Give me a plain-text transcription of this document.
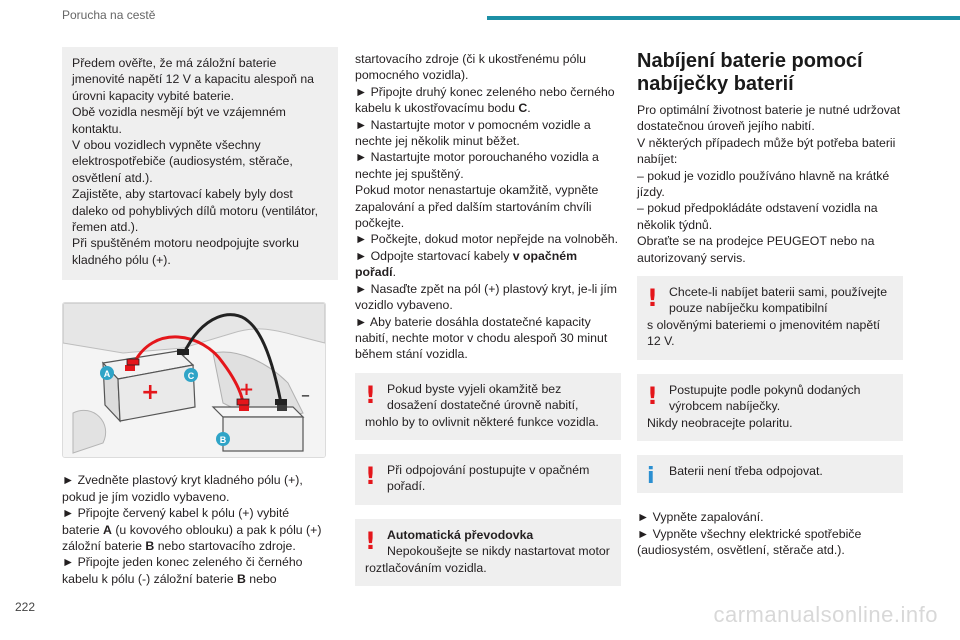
Porucha na cestě

Předem ověřte, že má záložní baterie

jmenovité napětí 12 V a kapacitu alespoň na

úrovni kapacity vybité baterie.

Obě vozidla nesmějí být ve vzájemném

kontaktu.

V obou vozidlech vypněte všechny

elektrospotřebiče (audiosystém, stěrače,

osvětlení atd.).

Zajistěte, aby startovací kabely byly dost

daleko od pohyblivých dílů motoru (ventilátor,

řemen atd.).

Při spuštěném motoru neodpojujte svorku

kladného pólu (+).

+
A
B
C
+	–

► Zvedněte plastový kryt kladného pólu (+),

pokud je jím vozidlo vybaveno.

► Připojte červený kabel k pólu (+) vybité

baterie A (u kovového oblouku) a pak k pólu (+)

záložní baterie B nebo startovacího zdroje.

► Připojte jeden konec zeleného či černého

kabelu k pólu (-) záložní baterie B nebo

startovacího zdroje (či k ukostřenému pólu

pomocného vozidla).

► Připojte druhý konec zeleného nebo černého

kabelu k ukostřovacímu bodu C.

► Nastartujte motor v pomocném vozidle a

nechte jej několik minut běžet.

► Nastartujte motor porouchaného vozidla a

nechte jej spuštěný.

Pokud motor nenastartuje okamžitě, vypněte

zapalování a před dalším startováním chvíli

počkejte.

► Počkejte, dokud motor nepřejde na volnoběh.

► Odpojte startovací kabely v opačném

pořadí.

► Nasaďte zpět na pól (+) plastový kryt, je-li jím

vozidlo vybaveno.

► Aby baterie dosáhla dostatečné kapacity

nabití, nechte motor v chodu alespoň 30 minut

během stání vozidla.

! Pokud byste vyjeli okamžitě bez

dosažení dostatečné úrovně nabití,

mohlo by to ovlivnit některé funkce vozidla.

! Při odpojování postupujte v opačném

pořadí.

! Automatická převodovka

Nepokoušejte se nikdy nastartovat motor

roztlačováním vozidla.

Nabíjení baterie pomocí
nabíječky baterií

Pro optimální životnost baterie je nutné udržovat

dostatečnou úroveň jejího nabití.

V některých případech může být potřeba baterii

nabíjet:

– pokud je vozidlo používáno hlavně na krátké

jízdy.

– pokud předpokládáte odstavení vozidla na

několik týdnů.

Obraťte se na prodejce PEUGEOT nebo na

autorizovaný servis.

! Chcete-li nabíjet baterii sami, používejte

pouze nabíječku kompatibilní

s olověnými bateriemi o jmenovitém napětí

12 V.

! Postupujte podle pokynů dodaných

výrobcem nabíječky.

Nikdy neobracejte polaritu.

i	Baterii není třeba odpojovat.

► Vypněte zapalování.

► Vypněte všechny elektrické spotřebiče

(audiosystém, osvětlení, stěrače atd.).

222	carmanualsonline.info
